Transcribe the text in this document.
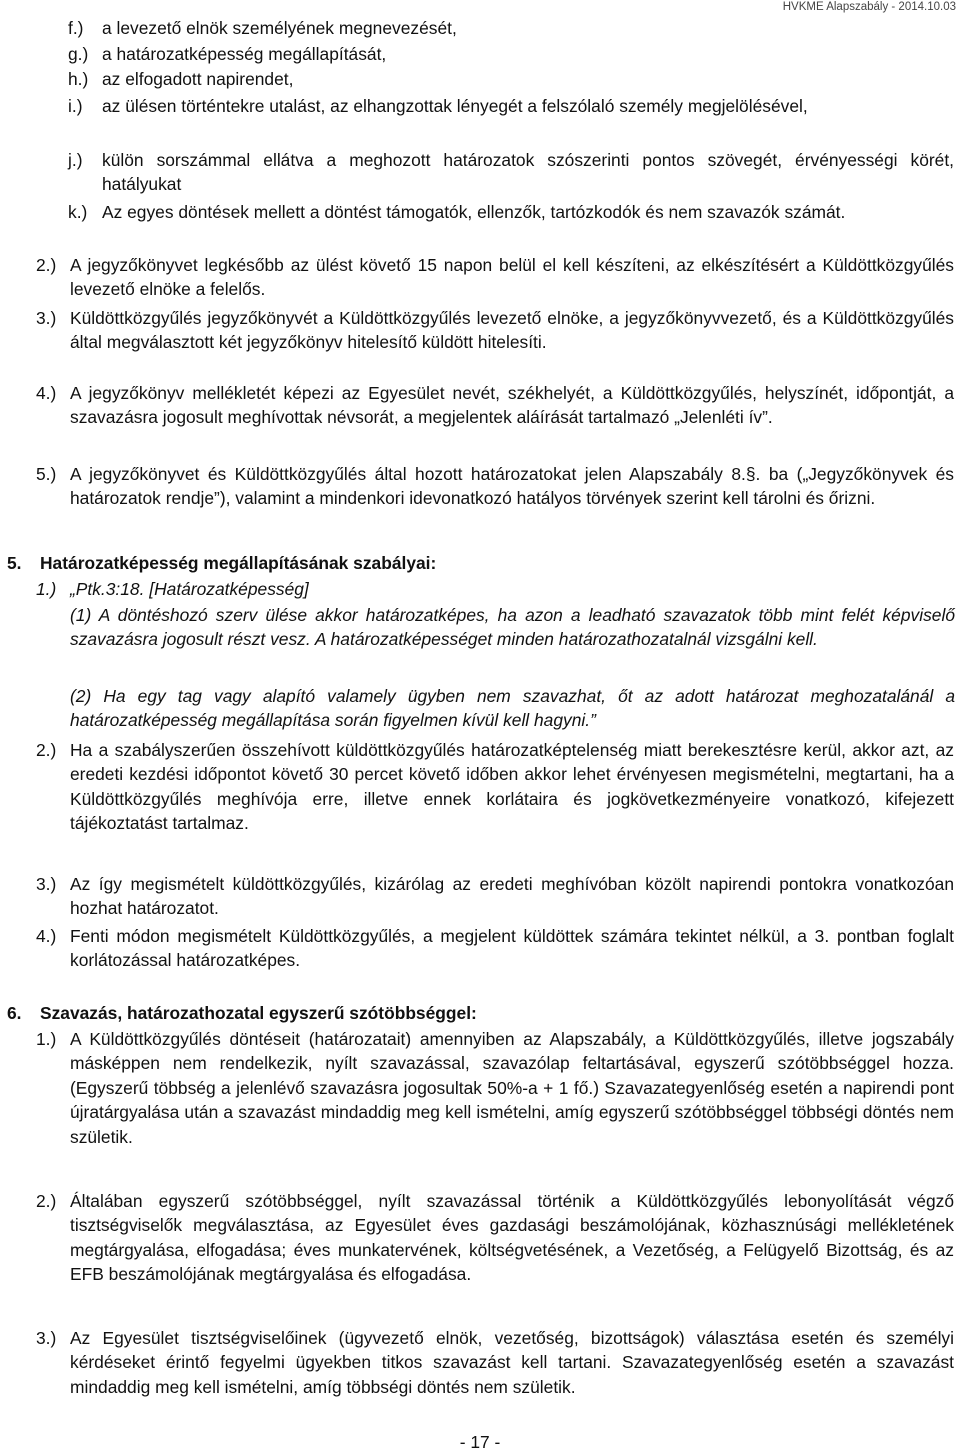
HVKME Alapszabály - 2014.10.03
f.)	a levezető elnök személyének megnevezését,
g.) a határozatképesség megállapítását,
h.) az elfogadott napirendet,
i.)	az ülésen történtekre utalást, az elhangzottak lényegét a felszólaló személy megjelölésével,
j.)	külön sorszámmal ellátva a meghozott határozatok szószerinti pontos szövegét, érvényességi körét, hatályukat
k.) Az egyes döntések mellett a döntést támogatók, ellenzők, tartózkodók és nem szavazók számát.
2.) A jegyzőkönyvet legkésőbb az ülést követő 15 napon belül el kell készíteni, az elkészítésért a Küldöttközgyűlés levezető elnöke a felelős.
3.) Küldöttközgyűlés jegyzőkönyvét a Küldöttközgyűlés levezető elnöke, a jegyzőkönyvvezető, és a Küldöttközgyűlés által megválasztott két jegyzőkönyv hitelesítő küldött hitelesíti.
4.) A jegyzőkönyv mellékletét képezi az Egyesület nevét, székhelyét, a Küldöttközgyűlés, helyszínét, időpontját, a szavazásra jogosult meghívottak névsorát, a megjelentek aláírását tartalmazó „Jelenléti ív”.
5.) A jegyzőkönyvet és Küldöttközgyűlés által hozott határozatokat jelen Alapszabály 8.§. ba („Jegyzőkönyvek és határozatok rendje”), valamint a mindenkori idevonatkozó hatályos törvények szerint kell tárolni és őrizni.
5.	Határozatképesség megállapításának szabályai:
1.) „Ptk.3:18. [Határozatképesség]
(1) A döntéshozó szerv ülése akkor határozatképes, ha azon a leadható szavazatok több mint felét képviselő szavazásra jogosult részt vesz. A határozatképességet minden határozathozatalnál vizsgálni kell.
(2) Ha egy tag vagy alapító valamely ügyben nem szavazhat, őt az adott határozat meghozatalánál a határozatképesség megállapítása során figyelmen kívül kell hagyni.”
2.) Ha a szabályszerűen összehívott küldöttközgyűlés határozatképtelenség miatt berekesztésre kerül, akkor azt, az eredeti kezdési időpontot követő 30 percet követő időben akkor lehet érvényesen megismételni, megtartani, ha a Küldöttközgyűlés meghívója erre, illetve ennek korlátaira és jogkövetkezményeire vonatkozó, kifejezett tájékoztatást tartalmaz.
3.) Az így megismételt küldöttközgyűlés, kizárólag az eredeti meghívóban közölt napirendi pontokra vonatkozóan hozhat határozatot.
4.) Fenti módon megismételt Küldöttközgyűlés, a megjelent küldöttek számára tekintet nélkül, a 3. pontban foglalt korlátozással határozatképes.
6.	Szavazás, határozathozatal egyszerű szótöbbséggel:
1.) A Küldöttközgyűlés döntéseit (határozatait) amennyiben az Alapszabály, a Küldöttközgyűlés, illetve jogszabály másképpen nem rendelkezik, nyílt szavazással, szavazólap feltartásával, egyszerű szótöbbséggel hozza. (Egyszerű többség a jelenlévő szavazásra jogosultak 50%-a + 1 fő.) Szavazategyenlőség esetén a napirendi pont újratárgyalása után a szavazást mindaddig meg kell ismételni, amíg egyszerű szótöbbséggel többségi döntés nem születik.
2.) Általában egyszerű szótöbbséggel, nyílt szavazással történik a Küldöttközgyűlés lebonyolítását végző tisztségviselők megválasztása, az Egyesület éves gazdasági beszámolójának, közhasznúsági mellékletének megtárgyalása, elfogadása; éves munkatervének, költségvetésének, a Vezetőség, a Felügyelő Bizottság, és az EFB beszámolójának megtárgyalása és elfogadása.
3.) Az Egyesület tisztségviselőinek (ügyvezető elnök, vezetőség, bizottságok) választása esetén és személyi kérdéseket érintő fegyelmi ügyekben titkos szavazást kell tartani. Szavazategyenlőség esetén a szavazást mindaddig meg kell ismételni, amíg többségi döntés nem születik.
- 17 -
